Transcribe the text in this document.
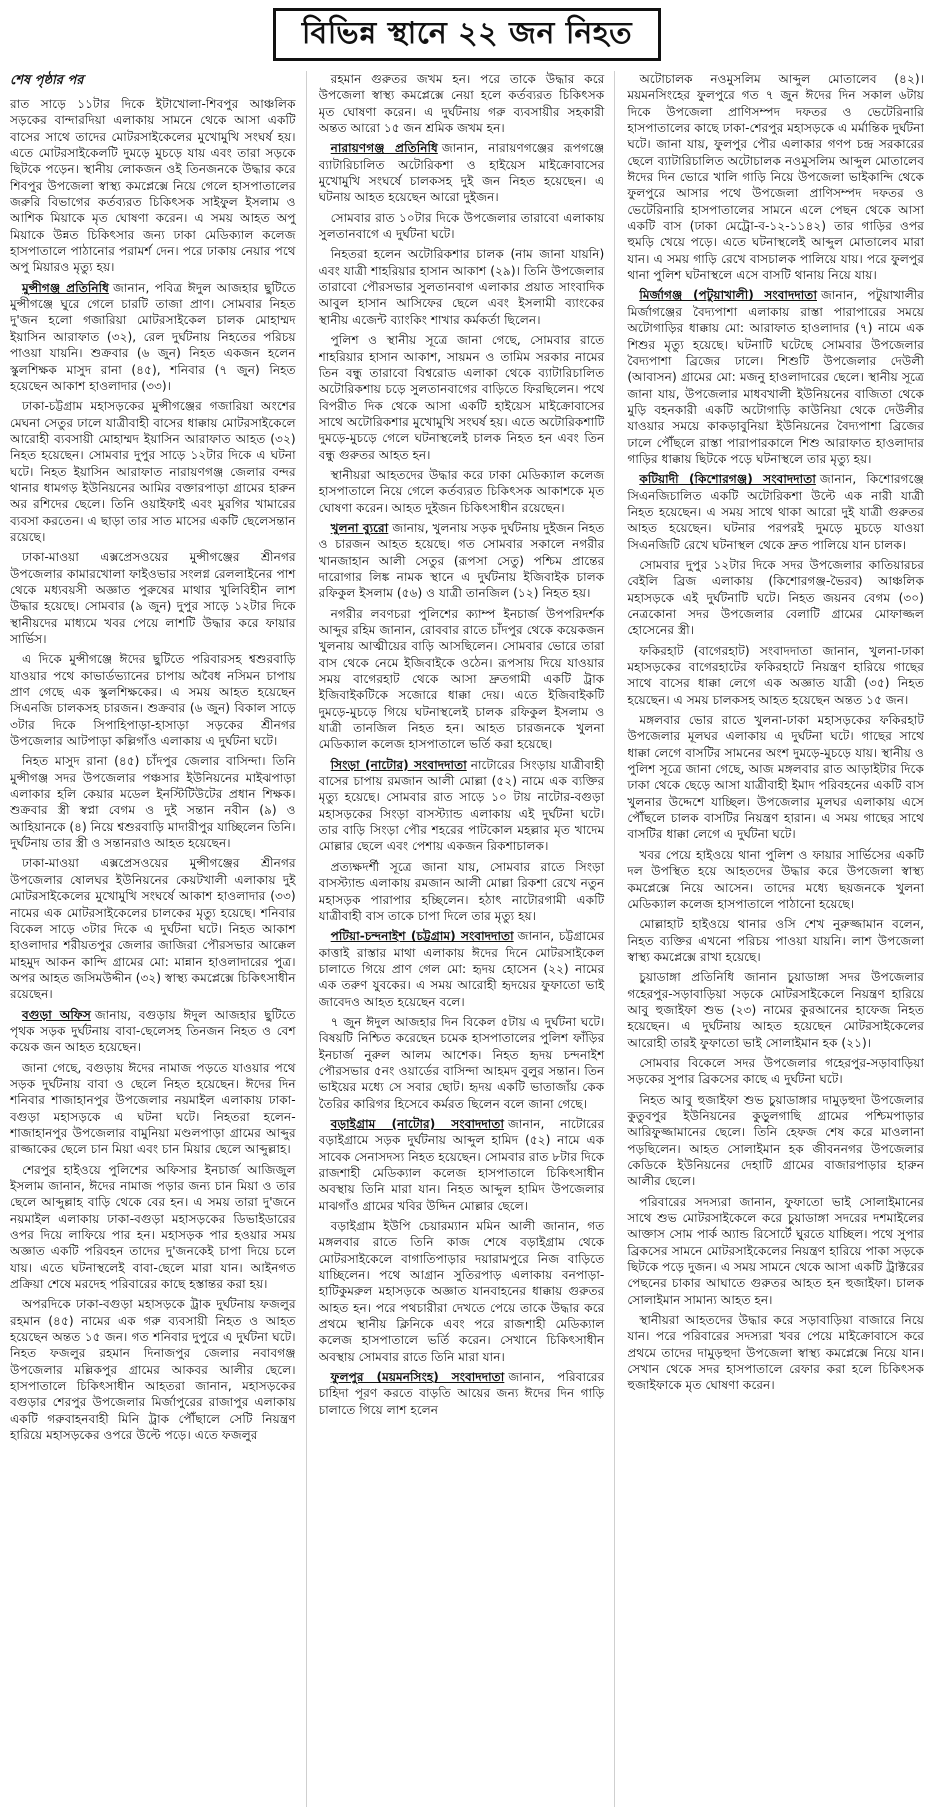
বিভিন্ন স্থানে ২২ জন নিহত
শেষ পৃষ্ঠার পর

রাত সাড়ে ১১টার দিকে ইটাখোলা-শিবপুর আঞ্চলিক সড়কের বান্দারদিয়া এলাকায় সামনে থেকে আসা একটি বাসের সাথে তাদের মোটরসাইকেলের মুখোমুখি সংঘর্ষ হয়। এতে মোটরসাইকেলটি দুমড়ে মুচড়ে যায় এবং তারা সড়কে ছিটকে পড়েন। স্থানীয় লোকজন ওই তিনজনকে উদ্ধার করে শিবপুর উপজেলা স্বাস্থ্য কমপ্লেক্সে নিয়ে গেলে হাসপাতালের জরুরি বিভাগের কর্তব্যরত চিকিৎসক সাইফুল ইসলাম ও আশিক মিয়াকে মৃত ঘোষণা করেন। এ সময় আহত অপু মিয়াকে উন্নত চিকিৎসার জন্য ঢাকা মেডিক্যাল কলেজ হাসপাতালে পাঠানোর পরামর্শ দেন। পরে ঢাকায় নেয়ার পথে অপু মিয়ারও মৃত্যু হয়।

মুন্সীগঞ্জ প্রতিনিধি জানান, পবিত্র ঈদুল আজহার ছুটিতে মুন্সীগঞ্জে ঘুরে গেলে চারটি তাজা প্রাণ। সোমবার নিহত দু'জন হলো গজারিয়া মোটরসাইকেল চালক মোহাম্মদ ইয়াসিন আরাফাত (৩২), রেল দুর্ঘটনায় নিহতের পরিচয় পাওয়া যায়নি। শুক্রবার (৬ জুন) নিহত একজন হলেন স্কুলশিক্ষক মাসুদ রানা (৪৫), শনিবার (৭ জুন) নিহত হয়েছেন আকাশ হাওলাদার (৩৩)।

ঢাকা-চট্টগ্রাম মহাসড়কের মুন্সীগঞ্জের গজারিয়া অংশের মেঘনা সেতুর ঢালে যাত্রীবাহী বাসের ধাক্কায় মোটরসাইকেলে আরোহী ব্যবসায়ী মোহাম্মদ ইয়াসিন আরাফাত আহত (৩২) নিহত হয়েছেন। সোমবার দুপুর সাড়ে ১২টার দিকে এ ঘটনা ঘটে। নিহত ইয়াসিন আরাফাত নারায়ণগঞ্জ জেলার বন্দর থানার ধামগড় ইউনিয়নের আমির বক্তারপাড়া গ্রামের হারুন অর রশিদের ছেলে। তিনি ওয়াইফাই এবং মুরগির খামারের ব্যবসা করতেন। এ ছাড়া তার সাত মাসের একটি ছেলেসন্তান রয়েছে।

ঢাকা-মাওয়া এক্সপ্রেসওয়ের মুন্সীগঞ্জের শ্রীনগর উপজেলার কামারখোলা ফাইওভার সংলগ্ন রেললাইনের পাশ থেকে মধ্যবয়সী অজ্ঞাত পুরুষের মাথার খুলিবিহীন লাশ উদ্ধার হয়েছে। সোমবার (৯ জুন) দুপুর সাড়ে ১২টার দিকে স্থানীয়দের মাধ্যমে খবর পেয়ে লাশটি উদ্ধার করে ফায়ার সার্ভিস।

এ দিকে মুন্সীগঞ্জে ঈদের ছুটিতে পরিবারসহ শ্বশুরবাড়ি যাওয়ার পথে কাভার্ডভ্যানের চাপায় অবৈধ নসিমন চাপায় প্রাণ গেছে এক স্কুলশিক্ষকের। এ সময় আহত হয়েছেন সিএনজি চালকসহ চারজন। শুক্রবার (৬ জুন) বিকাল সাড়ে ৩টার দিকে সিপাহিপাড়া-হাসাড়া সড়কের শ্রীনগর উপজেলার আটপাড়া কল্লিগাঁও এলাকায় এ দুর্ঘটনা ঘটে।

নিহত মাসুদ রানা (৪৫) চাঁদপুর জেলার বাসিন্দা। তিনি মুন্সীগঞ্জ সদর উপজেলার পঞ্চসার ইউনিয়নের মাইঝপাড়া এলাকার হলি কেয়ার মডেল ইনস্টিটিউটের প্রধান শিক্ষক। শুক্রবার স্ত্রী স্বপ্না বেগম ও দুই সন্তান নবীন (৯) ও আহিয়ানকে (৪) নিয়ে শ্বশুরবাড়ি মাদারীপুর যাচ্ছিলেন তিনি। দুর্ঘটনায় তার স্ত্রী ও সন্তানরাও আহত হয়েছেন।

ঢাকা-মাওয়া এক্সপ্রেসওয়ের মুন্সীগঞ্জের শ্রীনগর উপজেলার ষোলঘর ইউনিয়নের কেয়টখালী এলাকায় দুই মোটরসাইকেলের মুখোমুখি সংঘর্ষে আকাশ হাওলাদার (৩৩) নামের এক মোটরসাইকেলের চালকের মৃত্যু হয়েছে। শনিবার বিকেল সাড়ে ৩টার দিকে এ দুর্ঘটনা ঘটে। নিহত আকাশ হাওলাদার শরীয়তপুর জেলার জাজিরা পৌরসভার আক্কেল মাহমুদ আকন কান্দি গ্রামের মো: মান্নান হাওলাদারের পুত্র। অপর আহত জসিমউদ্দীন (৩২) স্বাস্থ্য কমপ্লেক্সে চিকিৎসাধীন রয়েছেন।

বগুড়া অফিস জানায়, বগুড়ায় ঈদুল আজহার ছুটিতে পৃথক সড়ক দুর্ঘটনায় বাবা-ছেলেসহ তিনজন নিহত ও বেশ কয়েক জন আহত হয়েছেন।

জানা গেছে, বগুড়ায় ঈদের নামাজ পড়তে যাওয়ার পথে সড়ক দুর্ঘটনায় বাবা ও ছেলে নিহত হয়েছেন। ঈদের দিন শনিবার শাজাহানপুর উপজেলার নয়মাইল এলাকায় ঢাকা-বগুড়া মহাসড়কে এ ঘটনা ঘটে। নিহতরা হলেন- শাজাহানপুর উপজেলার বামুনিয়া মণ্ডলপাড়া গ্রামের আব্দুর রাজ্জাকের ছেলে চান মিয়া এবং চান মিয়ার ছেলে আব্দুল্লাহ।

শেরপুর হাইওয়ে পুলিশের অফিসার ইনচার্জ আজিজুল ইসলাম জানান, ঈদের নামাজ পড়ার জন্য চান মিয়া ও তার ছেলে আব্দুল্লাহ বাড়ি থেকে বের হন। এ সময় তারা দু'জনে নয়মাইল এলাকায় ঢাকা-বগুড়া মহাসড়কের ডিভাইডারের ওপর দিয়ে লাফিয়ে পার হন। মহাসড়ক পার হওয়ার সময় অজ্ঞাত একটি পরিবহন তাদের দু'জনকেই চাপা দিয়ে চলে যায়। এতে ঘটনাস্থলেই বাবা-ছেলে মারা যান। আইনগত প্রক্রিয়া শেষে মরদেহ পরিবারের কাছে হস্তান্তর করা হয়।

অপরদিকে ঢাকা-বগুড়া মহাসড়কে ট্রাক দুর্ঘটনায় ফজলুর রহমান (৪৫) নামের এক গরু ব্যবসায়ী নিহত ও আহত হয়েছেন অন্তত ১৫ জন। গত শনিবার দুপুরে এ দুর্ঘটনা ঘটে। নিহত ফজলুর রহমান দিনাজপুর জেলার নবাবগঞ্জ উপজেলার মল্লিকপুর গ্রামের আকবর আলীর ছেলে। হাসপাতালে চিকিৎসাধীন আহতরা জানান, মহাসড়কের বগুড়ার শেরপুর উপজেলার মির্জাপুরের রাজাপুর এলাকায় একটি গরুবাহনবাহী মিনি ট্রাক পৌঁছালে সেটি নিয়ন্ত্রণ হারিয়ে মহাসড়কের ওপরে উল্টে পড়ে। এতে ফজলুর

রহমান গুরুতর জখম হন। পরে তাকে উদ্ধার করে উপজেলা স্বাস্থ্য কমপ্লেক্সে নেয়া হলে কর্তব্যরত চিকিৎসক মৃত ঘোষণা করেন। এ দুর্ঘটনায় গরু ব্যবসায়ীর সহকারী অন্তত আরো ১৫ জন শ্রমিক জখম হন।

নারায়ণগঞ্জ প্রতিনিধি জানান, নারায়ণগঞ্জের রূপগঞ্জে ব্যাটারিচালিত অটোরিকশা ও হাইয়েস মাইক্রোবাসের মুখোমুখি সংঘর্ষে চালকসহ দুই জন নিহত হয়েছেন। এ ঘটনায় আহত হয়েছেন আরো দুইজন।

সোমবার রাত ১০টার দিকে উপজেলার তারাবো এলাকায় সুলতানবাগে এ দুর্ঘটনা ঘটে।

নিহতরা হলেন অটোরিকশার চালক (নাম জানা যায়নি) এবং যাত্রী শাহরিয়ার হাসান আকাশ (২৯)। তিনি উপজেলার তারাবো পৌরসভার সুলতানবাগ এলাকার প্রয়াত সাংবাদিক আবুল হাসান আসিফের ছেলে এবং ইসলামী ব্যাংকের স্থানীয় এজেন্ট ব্যাংকিং শাখার কর্মকর্তা ছিলেন।

পুলিশ ও স্থানীয় সূত্রে জানা গেছে, সোমবার রাতে শাহরিয়ার হাসান আকাশ, সায়মন ও তামিম সরকার নামের তিন বন্ধু তারাবো বিশ্বরোড এলাকা থেকে ব্যাটারিচালিত অটোরিকশায় চড়ে সুলতানবাগের বাড়িতে ফিরছিলেন। পথে বিপরীত দিক থেকে আসা একটি হাইয়েস মাইক্রোবাসের সাথে অটোরিকশার মুখোমুখি সংঘর্ষ হয়। এতে অটোরিকশাটি দুমড়ে-মুচড়ে গেলে ঘটনাস্থলেই চালক নিহত হন এবং তিন বন্ধু গুরুতর আহত হন।

স্থানীয়রা আহতদের উদ্ধার করে ঢাকা মেডিক্যাল কলেজ হাসপাতালে নিয়ে গেলে কর্তব্যরত চিকিৎসক আকাশকে মৃত ঘোষণা করেন। আহত দুইজন চিকিৎসাধীন রয়েছেন।

খুলনা ব্যুরো জানায়, খুলনায় সড়ক দুর্ঘটনায় দুইজন নিহত ও চারজন আহত হয়েছে। গত সোমবার সকালে নগরীর খানজাহান আলী সেতুর (রূপসা সেতু) পশ্চিম প্রান্তের দারোগার লিঙ্ক নামক স্থানে এ দুর্ঘটনায় ইজিবাইক চালক রফিকুল ইসলাম (৫৬) ও যাত্রী তানজিল (১২) নিহত হয়।

নগরীর লবণচরা পুলিশের ক্যাম্প ইনচার্জ উপপরিদর্শক আব্দুর রহিম জানান, রোববার রাতে চাঁদপুর থেকে কয়েকজন খুলনায় আত্মীয়ের বাড়ি আসছিলেন। সোমবার ভোরে তারা বাস থেকে নেমে ইজিবাইকে ওঠেন। রূপসায় দিয়ে যাওয়ার সময় বাগেরহাট থেকে আসা দ্রুতগামী একটি ট্রাক ইজিবাইকটিকে সজোরে ধাক্কা দেয়। এতে ইজিবাইকটি দুমড়ে-মুচড়ে গিয়ে ঘটনাস্থলেই চালক রফিকুল ইসলাম ও যাত্রী তানজিল নিহত হন। আহত চারজনকে খুলনা মেডিক্যাল কলেজ হাসপাতালে ভর্তি করা হয়েছে।

সিংড়া (নাটোর) সংবাদদাতা নাটোরের সিংড়ায় যাত্রীবাহী বাসের চাপায় রমজান আলী মোল্লা (৫২) নামে এক ব্যক্তির মৃত্যু হয়েছে। সোমবার রাত সাড়ে ১০ টায় নাটোর-বগুড়া মহাসড়কের সিংড়া বাসস্ট্যান্ড এলাকায় এই দুর্ঘটনা ঘটে। তার বাড়ি সিংড়া পৌর শহরের পাটকোল মহল্লার মৃত খাদেম মোল্লার ছেলে এবং পেশায় একজন রিকশাচালক।

প্রত্যক্ষদর্শী সূত্রে জানা যায়, সোমবার রাতে সিংড়া বাসস্ট্যান্ড এলাকায় রমজান আলী মোল্লা রিকশা রেখে নতুন মহাসড়ক পারাপার হচ্ছিলেন। হঠাৎ নাটোরগামী একটি যাত্রীবাহী বাস তাকে চাপা দিলে তার মৃত্যু হয়।

পটিয়া-চন্দনাইশ (চট্টগ্রাম) সংবাদদাতা জানান, চট্টগ্রামের কাত্তাই রাস্তার মাথা এলাকায় ঈদের দিনে মোটরসাইকেল চালাতে গিয়ে প্রাণ গেল মো: হৃদয় হোসেন (২২) নামের এক তরুণ যুবকের। এ সময় আরোহী হৃদয়ের ফুফাতো ভাই জাবেদও আহত হয়েছেন বলে।

৭ জুন ঈদুল আজহার দিন বিকেল ৫টায় এ দুর্ঘটনা ঘটে। বিষয়টি নিশ্চিত করেছেন চমেক হাসপাতালের পুলিশ ফাঁড়ির ইনচার্জ নুরুল আলম আশেক। নিহত হৃদয় চন্দনাইশ পৌরসভার ৫নং ওয়ার্ডের বাসিন্দা আহমদ বুলুর সন্তান। তিন ভাইয়ের মধ্যে সে সবার ছোট। হৃদয় একটি ভাতাজাঁয় কেক তৈরির কারিগর হিসেবে কর্মরত ছিলেন বলে জানা গেছে।

বড়াইগ্রাম (নাটোর) সংবাদদাতা জানান, নাটোরের বড়াইগ্রামে সড়ক দুর্ঘটনায় আব্দুল হামিদ (৫২) নামে এক সাবেক সেনাসদস্য নিহত হয়েছেন। সোমবার রাত ৮টার দিকে রাজশাহী মেডিক্যাল কলেজ হাসপাতালে চিকিৎসাধীন অবস্থায় তিনি মারা যান। নিহত আব্দুল হামিদ উপজেলার মাঝগাঁও গ্রামের খবির উদ্দিন মোল্লার ছেলে।

বড়াইগ্রাম ইউপি চেয়ারম্যান মমিন আলী জানান, গত মঙ্গলবার রাতে তিনি কাজ শেষে বড়াইগ্রাম থেকে মোটরসাইকেলে বাগাতিপাড়ার দয়ারামপুরে নিজ বাড়িতে যাচ্ছিলেন। পথে আগ্রান সুতিরপাড় এলাকায় বনপাড়া-হাটিকুমরুল মহাসড়কে অজ্ঞাত যানবাহনের ধাক্কায় গুরুতর আহত হন। পরে পথচারীরা দেখতে পেয়ে তাকে উদ্ধার করে প্রথমে স্থানীয় ক্লিনিকে এবং পরে রাজশাহী মেডিক্যাল কলেজ হাসপাতালে ভর্তি করেন। সেখানে চিকিৎসাধীন অবস্থায় সোমবার রাতে তিনি মারা যান।

ফুলপুর (ময়মনসিংহ) সংবাদদাতা জানান, পরিবারের চাহিদা পূরণ করতে বাড়তি আয়ের জন্য ঈদের দিন গাড়ি চালাতে গিয়ে লাশ হলেন

অটোচালক নওমুসলিম আব্দুল মোতালেব (৪২)। ময়মনসিংহের ফুলপুরে গত ৭ জুন ঈদের দিন সকাল ৬টায় দিকে উপজেলা প্রাণিসম্পদ দফতর ও ভেটেরিনারি হাসপাতালের কাছে ঢাকা-শেরপুর মহাসড়কে এ মর্মান্তিক দুর্ঘটনা ঘটে। জানা যায়, ফুলপুর পৌর এলাকার গণপ চন্দ্র সরকারের ছেলে ব্যাটারিচালিত অটোচালক নওমুসলিম আব্দুল মোতালেব ঈদের দিন ভোরে খালি গাড়ি নিয়ে উপজেলা ভাইকান্দি থেকে ফুলপুরে আসার পথে উপজেলা প্রাণিসম্পদ দফতর ও ভেটেরিনারি হাসপাতালের সামনে এলে পেছন থেকে আসা একটি বাস (ঢাকা মেট্রো-ব-১২-১১৪২) তার গাড়ির ওপর হুমড়ি খেয়ে পড়ে। এতে ঘটনাস্থলেই আব্দুল মোতালেব মারা যান। এ সময় গাড়ি রেখে বাসচালক পালিয়ে যায়। পরে ফুলপুর থানা পুলিশ ঘটনাস্থলে এসে বাসটি থানায় নিয়ে যায়।

মির্জাগঞ্জ (পটুয়াখালী) সংবাদদাতা জানান, পটুয়াখালীর মির্জাগঞ্জের বৈদ্যপাশা এলাকায় রাস্তা পারাপারের সময়ে অটোগাড়ির ধাক্কায় মো: আরাফাত হাওলাদার (৭) নামে এক শিশুর মৃত্যু হয়েছে। ঘটনাটি ঘটেছে সোমবার উপজেলার বৈদ্যপাশা ব্রিজের ঢালে। শিশুটি উপজেলার দেউলী (আবাসন) গ্রামের মো: মজনু হাওলাদারের ছেলে। স্থানীয় সূত্রে জানা যায়, উপজেলার মাধবখালী ইউনিয়নের বাজিতা থেকে মুড়ি বহনকারী একটি অটোগাড়ি কাউনিয়া থেকে দেউলীর যাওয়ার সময়ে কাকড়াবুনিয়া ইউনিয়নের বৈদ্যপাশা ব্রিজের ঢালে পৌঁছলে রাস্তা পারাপারকালে শিশু আরাফাত হাওলাদার গাড়ির ধাক্কায় ছিটকে পড়ে ঘটনাস্থলে তার মৃত্যু হয়।

কটিয়াদী (কিশোরগঞ্জ) সংবাদদাতা জানান, কিশোরগঞ্জে সিএনজিচালিত একটি অটোরিকশা উল্টে এক নারী যাত্রী নিহত হয়েছেন। এ সময় সাথে থাকা আরো দুই যাত্রী গুরুতর আহত হয়েছেন। ঘটনার পরপরই দুমড়ে মুচড়ে যাওয়া সিএনজিটি রেখে ঘটনাস্থল থেকে দ্রুত পালিয়ে যান চালক।

সোমবার দুপুর ১২টার দিকে সদর উপজেলার কাতিয়ারচর বেইলি ব্রিজ এলাকায় (কিশোরগঞ্জ-ভৈরব) আঞ্চলিক মহাসড়কে এই দুর্ঘটনাটি ঘটে। নিহত জয়নব বেগম (৩০) নেত্রকোনা সদর উপজেলার বেলাটি গ্রামের মোফাজ্জল হোসেনের স্ত্রী।

ফকিরহাট (বাগেরহাট) সংবাদদাতা জানান, খুলনা-ঢাকা মহাসড়কের বাগেরহাটের ফকিরহাটে নিয়ন্ত্রণ হারিয়ে গাছের সাথে বাসের ধাক্কা লেগে এক অজ্ঞাত যাত্রী (৩৫) নিহত হয়েছেন। এ সময় চালকসহ আহত হয়েছেন অন্তত ১৫ জন।

মঙ্গলবার ভোর রাতে খুলনা-ঢাকা মহাসড়কের ফকিরহাট উপজেলার মূলঘর এলাকায় এ দুর্ঘটনা ঘটে। গাছের সাথে ধাক্কা লেগে বাসটির সামনের অংশ দুমড়ে-মুচড়ে যায়। স্থানীয় ও পুলিশ সূত্রে জানা গেছে, আজ মঙ্গলবার রাত আড়াইটার দিকে ঢাকা থেকে ছেড়ে আসা যাত্রীবাহী ইমাদ পরিবহনের একটি বাস খুলনার উদ্দেশে যাচ্ছিল। উপজেলার মূলঘর এলাকায় এসে পৌঁছলে চালক বাসটির নিয়ন্ত্রণ হারান। এ সময় গাছের সাথে বাসটির ধাক্কা লেগে এ দুর্ঘটনা ঘটে।

খবর পেয়ে হাইওয়ে থানা পুলিশ ও ফায়ার সার্ভিসের একটি দল উপস্থিত হয়ে আহতদের উদ্ধার করে উপজেলা স্বাস্থ্য কমপ্লেক্সে নিয়ে আসেন। তাদের মধ্যে ছয়জনকে খুলনা মেডিক্যাল কলেজ হাসপাতালে পাঠানো হয়েছে।

মোল্লাহাট হাইওয়ে থানার ওসি শেখ নুরুজ্জামান বলেন, নিহত ব্যক্তির এখনো পরিচয় পাওয়া যায়নি। লাশ উপজেলা স্বাস্থ্য কমপ্লেক্সে রাখা হয়েছে।

চুয়াডাঙ্গা প্রতিনিধি জানান চুয়াডাঙ্গা সদর উপজেলার গহেরপুর-সড়াবাড়িয়া সড়কে মোটরসাইকেলে নিয়ন্ত্রণ হারিয়ে আবু হুজাইফা শুভ (২৩) নামের কুরআনের হাফেজ নিহত হয়েছেন। এ দুর্ঘটনায় আহত হয়েছেন মোটরসাইকেলের আরোহী তারই ফুফাতো ভাই সোলাইমান হক (২১)।

সোমবার বিকেলে সদর উপজেলার গহেরপুর-সড়াবাড়িয়া সড়কের সুপার ব্রিকসের কাছে এ দুর্ঘটনা ঘটে।

নিহত আবু হুজাইফা শুভ চুয়াডাঙ্গার দামুড়হুদা উপজেলার কুতুবপুর ইউনিয়নের কুড়ুলগাছি গ্রামের পশ্চিমপাড়ার আরিফুজ্জামানের ছেলে। তিনি হেফজ শেষ করে মাওলানা পড়ছিলেন। আহত সোলাইমান হক জীবননগর উপজেলার কেডিকে ইউনিয়নের দেহাটি গ্রামের বাজারপাড়ার হারুন আলীর ছেলে।

পরিবারের সদস্যরা জানান, ফুফাতো ভাই সোলাইমানের সাথে শুভ মোটরসাইকেলে করে চুয়াডাঙ্গা সদরের দশমাইলের আক্তাস সোম পার্ক অ্যান্ড রিসোর্টে ঘুরতে যাচ্ছিল। পথে সুপার ব্রিকসের সামনে মোটরসাইকেলের নিয়ন্ত্রণ হারিয়ে পাকা সড়কে ছিটকে পড়ে দুজন। এ সময় সামনে থেকে আসা একটি ট্রাক্টরের পেছনের চাকার আঘাতে গুরুতর আহত হন হুজাইফা। চালক সোলাইমান সামান্য আহত হন।

স্থানীয়রা আহতদের উদ্ধার করে সড়াবাড়িয়া বাজারে নিয়ে যান। পরে পরিবারের সদস্যরা খবর পেয়ে মাইক্রোবাসে করে প্রথমে তাদের দামুড়হুদা উপজেলা স্বাস্থ্য কমপ্লেক্সে নিয়ে যান। সেখান থেকে সদর হাসপাতালে রেফার করা হলে চিকিৎসক হুজাইফাকে মৃত ঘোষণা করেন।
